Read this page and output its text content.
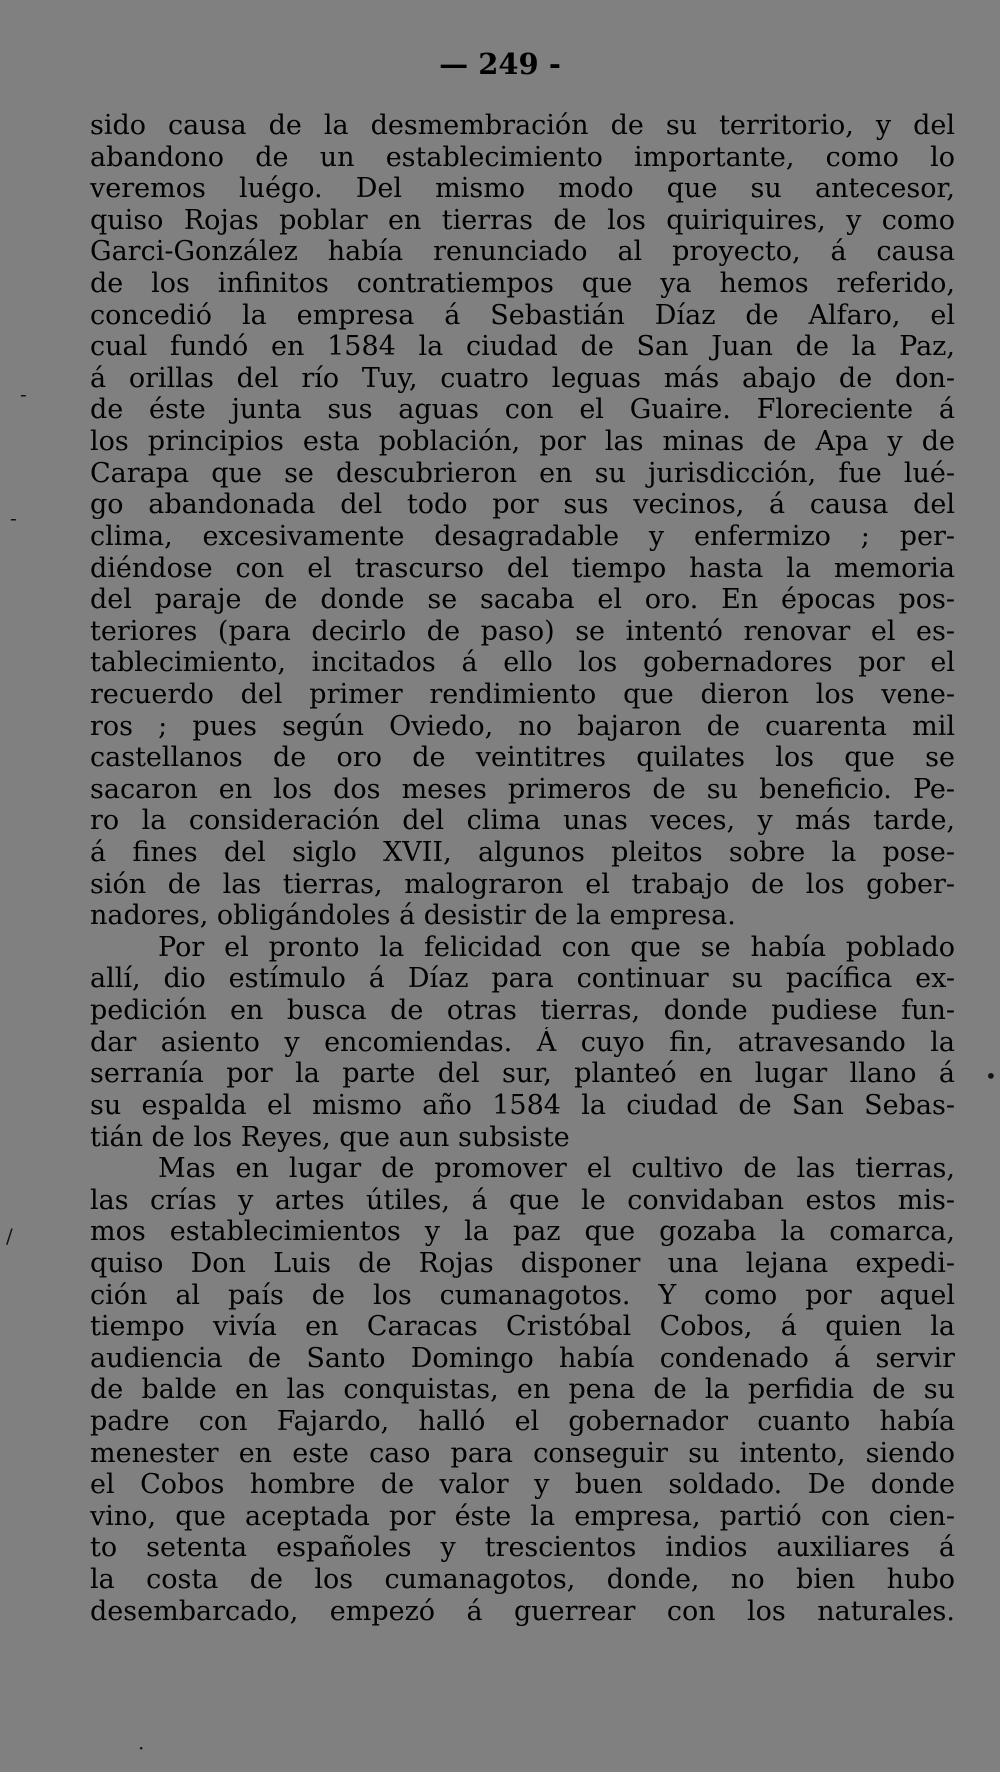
— 249 -
sido causa de la desmembración de su territorio, y del
abandono de un establecimiento importante, como lo
veremos luégo. Del mismo modo que su antecesor,
quiso Rojas poblar en tierras de los quiriquires, y como
Garci-González había renunciado al proyecto, á causa
de los infinitos contratiempos que ya hemos referido,
concedió la empresa á Sebastián Díaz de Alfaro, el
cual fundó en 1584 la ciudad de San Juan de la Paz,
á orillas del río Tuy, cuatro leguas más abajo de don-
de éste junta sus aguas con el Guaire. Floreciente á
los principios esta población, por las minas de Apa y de
Carapa que se descubrieron en su jurisdicción, fue lué-
go abandonada del todo por sus vecinos, á causa del
clima, excesivamente desagradable y enfermizo ; per-
diéndose con el trascurso del tiempo hasta la memoria
del paraje de donde se sacaba el oro. En épocas pos-
teriores (para decirlo de paso) se intentó renovar el es-
tablecimiento, incitados á ello los gobernadores por el
recuerdo del primer rendimiento que dieron los vene-
ros ; pues según Oviedo, no bajaron de cuarenta mil
castellanos de oro de veintitres quilates los que se
sacaron en los dos meses primeros de su beneficio. Pe-
ro la consideración del clima unas veces, y más tarde,
á fines del siglo XVII, algunos pleitos sobre la pose-
sión de las tierras, malograron el trabajo de los gober-
nadores, obligándoles á desistir de la empresa.
Por el pronto la felicidad con que se había poblado
allí, dio estímulo á Díaz para continuar su pacífica ex-
pedición en busca de otras tierras, donde pudiese fun-
dar asiento y encomiendas. Á cuyo fin, atravesando la
serranía por la parte del sur, planteó en lugar llano á
su espalda el mismo año 1584 la ciudad de San Sebas-
tián de los Reyes, que aun subsiste
Mas en lugar de promover el cultivo de las tierras,
las crías y artes útiles, á que le convidaban estos mis-
mos establecimientos y la paz que gozaba la comarca,
quiso Don Luis de Rojas disponer una lejana expedi-
ción al país de los cumanagotos. Y como por aquel
tiempo vivía en Caracas Cristóbal Cobos, á quien la
audiencia de Santo Domingo había condenado á servir
de balde en las conquistas, en pena de la perfidia de su
padre con Fajardo, halló el gobernador cuanto había
menester en este caso para conseguir su intento, siendo
el Cobos hombre de valor y buen soldado. De donde
vino, que aceptada por éste la empresa, partió con cien-
to setenta españoles y trescientos indios auxiliares á
la costa de los cumanagotos, donde, no bien hubo
desembarcado, empezó á guerrear con los naturales.
-
-
•
/
·
